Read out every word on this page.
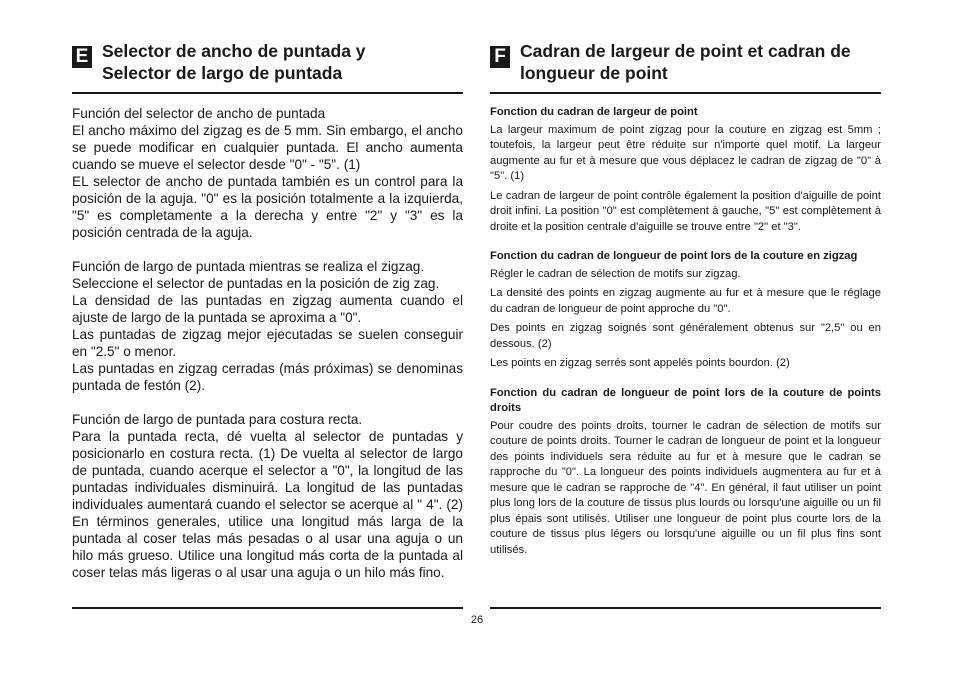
E Selector de ancho de puntada y
Selector de largo de puntada

Función del selector de ancho de puntada

El ancho máximo del zigzag es de 5 mm. Sin embargo, el ancho se puede modificar en cualquier puntada. El ancho aumenta cuando se mueve el selector desde "0" - "5". (1)

EL selector de ancho de puntada también es un control para la posición de la aguja. "0" es la posición totalmente a la izquierda, "5" es completamente a la derecha y entre "2" y "3" es la posición centrada de la aguja.

Función de largo de puntada mientras se realiza el zigzag.

Seleccione el selector de puntadas en la posición de zig zag.

La densidad de las puntadas en zigzag aumenta cuando el ajuste de largo de la puntada se aproxima a "0".

Las puntadas de zigzag mejor ejecutadas se suelen conseguir en "2.5" o menor.

Las puntadas en zigzag cerradas (más próximas) se denominas puntada de festón (2).

Función de largo de puntada para costura recta.

Para la puntada recta, dé vuelta al selector de puntadas y posicionarlo en costura recta. (1) De vuelta al selector de largo de puntada, cuando acerque el selector a "0", la longitud de las puntadas individuales disminuirá. La longitud de las puntadas individuales aumentará cuando el selector se acerque al " 4". (2) En términos generales, utilice una longitud más larga de la puntada al coser telas más pesadas o al usar una aguja o un hilo más grueso. Utilice una longitud más corta de la puntada al coser telas más ligeras o al usar una aguja o un hilo más fino.

F Cadran de largeur de point et cadran de
longueur de point
Fonction du cadran de largeur de point

La largeur maximum de point zigzag pour la couture en zigzag est 5mm ; toutefois, la largeur peut être réduite sur n'importe quel motif. La largeur augmente au fur et à mesure que vous déplacez le cadran de zigzag de "0" à "5". (1)

Le cadran de largeur de point contrôle également la position d'aiguille de point droit infini. La position "0" est complètement à gauche, "5" est complètement à droite et la position centrale d'aiguille se trouve entre "2" et "3".

Fonction du cadran de longueur de point lors de la couture en zigzag

Régler le cadran de sélection de motifs sur zigzag.

La densité des points en zigzag augmente au fur et à mesure que le réglage du cadran de longueur de point approche du "0".

Des points en zigzag soignés sont généralement obtenus sur "2,5" ou en dessous. (2)

Les points en zigzag serrés sont appelés points bourdon. (2)

Fonction du cadran de longueur de point lors de la couture de points droits

Pour coudre des points droits, tourner le cadran de sélection de motifs sur couture de points droits. Tourner le cadran de longueur de point et la longueur des points individuels sera réduite au fur et à mesure que le cadran se rapproche du "0". La longueur des points individuels augmentera au fur et à mesure que le cadran se rapproche de "4". En général, il faut utiliser un point plus long lors de la couture de tissus plus lourds ou lorsqu'une aiguille ou un fil plus épais sont utilisés. Utiliser une longueur de point plus courte lors de la couture de tissus plus légers ou lorsqu'une aiguille ou un fil plus fins sont utilisés.

26
